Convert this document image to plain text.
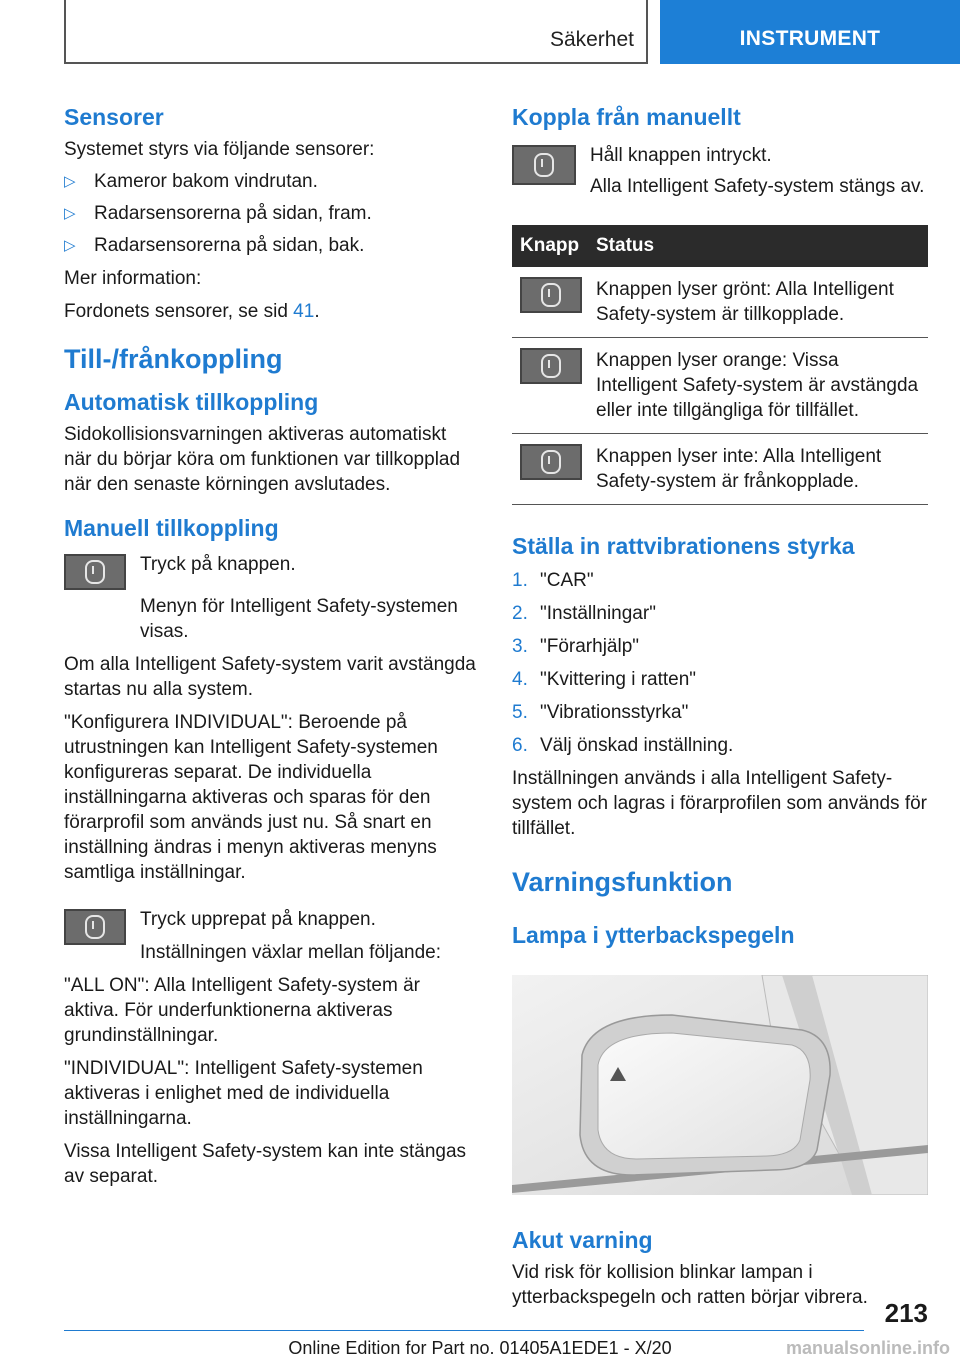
Säkerhet	INSTRUMENT
Sensorer

Systemet styrs via följande sensorer:

▷ Kameror bakom vindrutan.
▷ Radarsensorerna på sidan, fram.
▷ Radarsensorerna på sidan, bak.

Mer information:

Fordonets sensorer, se sid 41.

Till-/frånkoppling
Automatisk tillkoppling

Sidokollisionsvarningen aktiveras automatiskt när du börjar köra om funktionen var tillkopplad när den senaste körningen avslutades.

Manuell tillkoppling

Tryck på knappen.

Menyn för Intelligent Safety-systemen visas.

Om alla Intelligent Safety-system varit avstängda startas nu alla system.

"Konfigurera INDIVIDUAL": Beroende på utrustningen kan Intelligent Safety-systemen konfigureras separat. De individuella inställningarna aktiveras och sparas för den förarprofil som används just nu. Så snart en inställning ändras i menyn aktiveras menyns samtliga inställningar.

Tryck upprepat på knappen.

Inställningen växlar mellan följande:

"ALL ON": Alla Intelligent Safety-system är aktiva. För underfunktionerna aktiveras grundinställningar.

"INDIVIDUAL": Intelligent Safety-systemen aktiveras i enlighet med de individuella inställningarna.

Vissa Intelligent Safety-system kan inte stängas av separat.

Koppla från manuellt

Håll knappen intryckt.

Alla Intelligent Safety-system stängs av.

Knapp	Status

	Knappen lyser grönt: Alla Intelligent Safety-system är tillkopplade.

	Knappen lyser orange: Vissa Intelligent Safety-system är avstängda eller inte tillgängliga för tillfället.

	Knappen lyser inte: Alla Intelligent Safety-system är frånkopplade.
Ställa in rattvibrationens styrka
1. "CAR"
2. "Inställningar"
3. "Förarhjälp"
4. "Kvittering i ratten"
5. "Vibrationsstyrka"
6. Välj önskad inställning.

Inställningen används i alla Intelligent Safety-system och lagras i förarprofilen som används för tillfället.

Varningsfunktion
Lampa i ytterbackspegeln
Akut varning

Vid risk för kollision blinkar lampan i ytterbackspegeln och ratten börjar vibrera.

213
Online Edition for Part no. 01405A1EDE1 - X/20	manualsonline.info
